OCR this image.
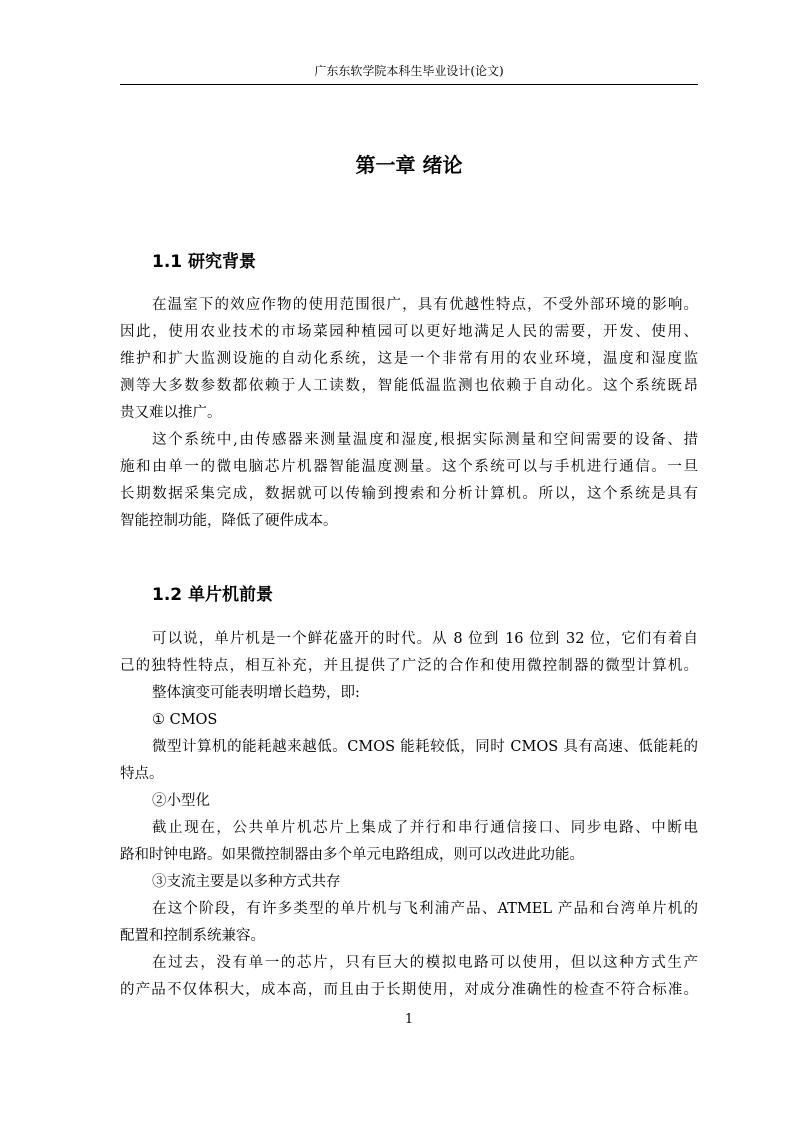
广东东软学院本科生毕业设计(论文)
第一章 绪论
1.1 研究背景
在温室下的效应作物的使用范围很广，具有优越性特点，不受外部环境的影响。
因此，使用农业技术的市场菜园种植园可以更好地满足人民的需要，开发、使用、
维护和扩大监测设施的自动化系统，这是一个非常有用的农业环境，温度和湿度监
测等大多数参数都依赖于人工读数，智能低温监测也依赖于自动化。这个系统既昂
贵又难以推广。
这个系统中,由传感器来测量温度和湿度,根据实际测量和空间需要的设备、措
施和由单一的微电脑芯片机器智能温度测量。这个系统可以与手机进行通信。一旦
长期数据采集完成，数据就可以传输到搜索和分析计算机。所以，这个系统是具有
智能控制功能，降低了硬件成本。
1.2 单片机前景
可以说，单片机是一个鲜花盛开的时代。从 8 位到 16 位到 32 位，它们有着自
己的独特性特点，相互补充，并且提供了广泛的合作和使用微控制器的微型计算机。
整体演变可能表明增长趋势，即:
① CMOS
微型计算机的能耗越来越低。CMOS 能耗较低，同时 CMOS 具有高速、低能耗的
特点。
②小型化
截止现在，公共单片机芯片上集成了并行和串行通信接口、同步电路、中断电
路和时钟电路。如果微控制器由多个单元电路组成，则可以改进此功能。
③支流主要是以多种方式共存
在这个阶段，有许多类型的单片机与飞利浦产品、ATMEL 产品和台湾单片机的
配置和控制系统兼容。
在过去，没有单一的芯片，只有巨大的模拟电路可以使用，但以这种方式生产
的产品不仅体积大，成本高，而且由于长期使用，对成分准确性的检查不符合标准。
1
